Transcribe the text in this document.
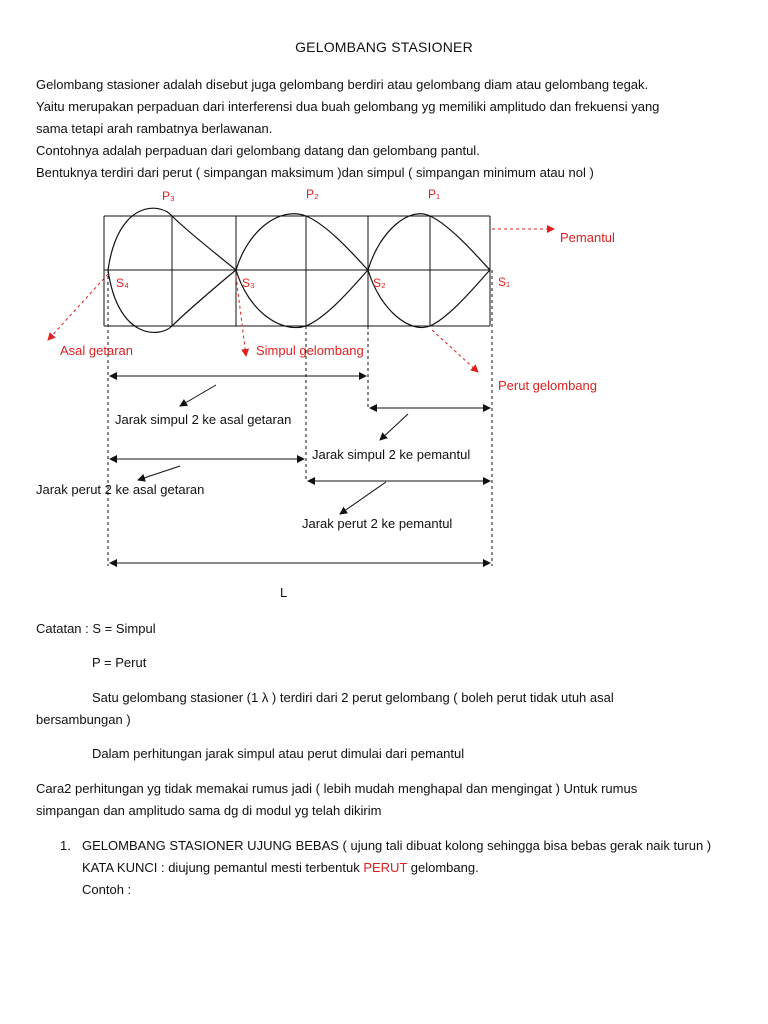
GELOMBANG STASIONER
Gelombang stasioner adalah disebut juga gelombang berdiri atau gelombang diam atau gelombang tegak.
Yaitu merupakan perpaduan dari interferensi dua buah gelombang yg memiliki amplitudo dan frekuensi yang
sama tetapi arah rambatnya berlawanan.
Contohnya adalah perpaduan dari gelombang datang dan gelombang pantul.
Bentuknya terdiri dari perut ( simpangan maksimum )dan simpul ( simpangan minimum atau nol )
P₃	P₂	P₁
S₄	S₃	S₂	S₁
Pemantul
Asal getaran	Simpul gelombang
Perut gelombang
Jarak simpul 2 ke asal getaran
Jarak simpul 2 ke pemantul
Jarak perut 2 ke asal getaran
Jarak perut 2 ke pemantul
L
Catatan : S = Simpul
P = Perut
Satu gelombang stasioner (1 λ ) terdiri dari 2 perut gelombang ( boleh perut tidak utuh asal
bersambungan )
Dalam perhitungan jarak simpul atau perut dimulai dari pemantul
Cara2 perhitungan yg tidak memakai rumus jadi ( lebih mudah menghapal dan mengingat ) Untuk rumus
simpangan dan amplitudo sama dg di modul yg telah dikirim
1. GELOMBANG STASIONER UJUNG BEBAS ( ujung tali dibuat kolong sehingga bisa bebas gerak naik turun )
KATA KUNCI : diujung pemantul mesti terbentuk PERUT gelombang.
Contoh :
